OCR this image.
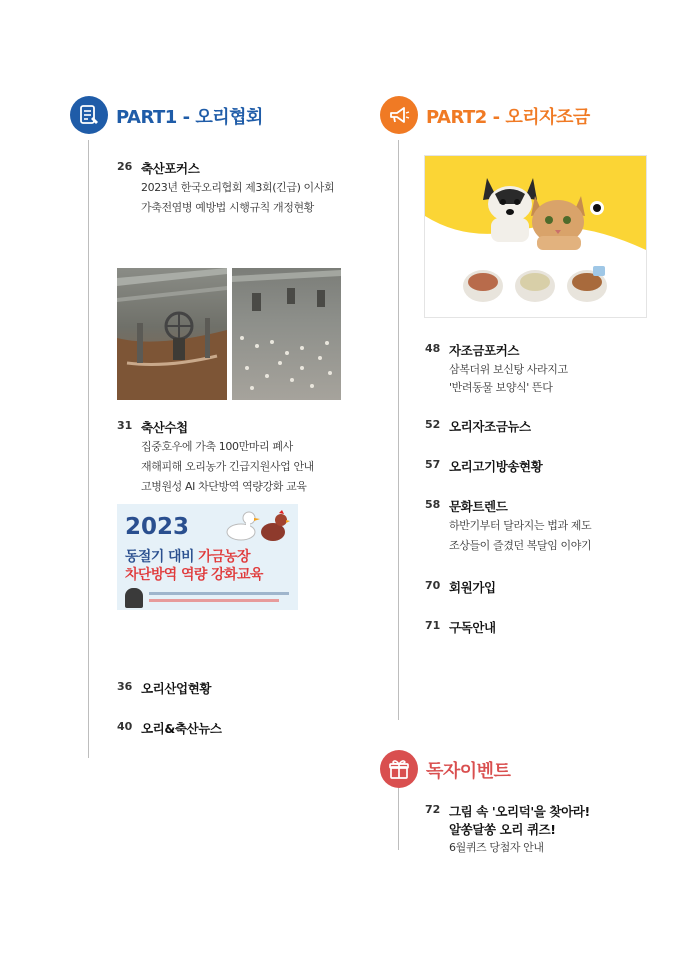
PART1 - 오리협회	PART2 - 오리자조금
26 축산포커스
2023년 한국오리협회 제3회(긴급) 이사회
가축전염병 예방법 시행규칙 개정현황
31 축산수첩
집중호우에 가축 100만마리 폐사
재해피해 오리농가 긴급지원사업 안내
고병원성 AI 차단방역 역량강화 교육
2023
동절기 대비 가금농장
차단방역 역량 강화교육
36 오리산업현황
40 오리&축산뉴스
48 자조금포커스
삼복더위 보신탕 사라지고
'반려동물 보양식' 뜬다
52 오리자조금뉴스
57 오리고기방송현황
58 문화트렌드
하반기부터 달라지는 법과 제도
조상들이 즐겼던 복달임 이야기
70 회원가입
71 구독안내
독자이벤트
72 그림 속 '오리덕'을 찾아라!
알쏭달쏭 오리 퀴즈!
6월퀴즈 당첨자 안내
